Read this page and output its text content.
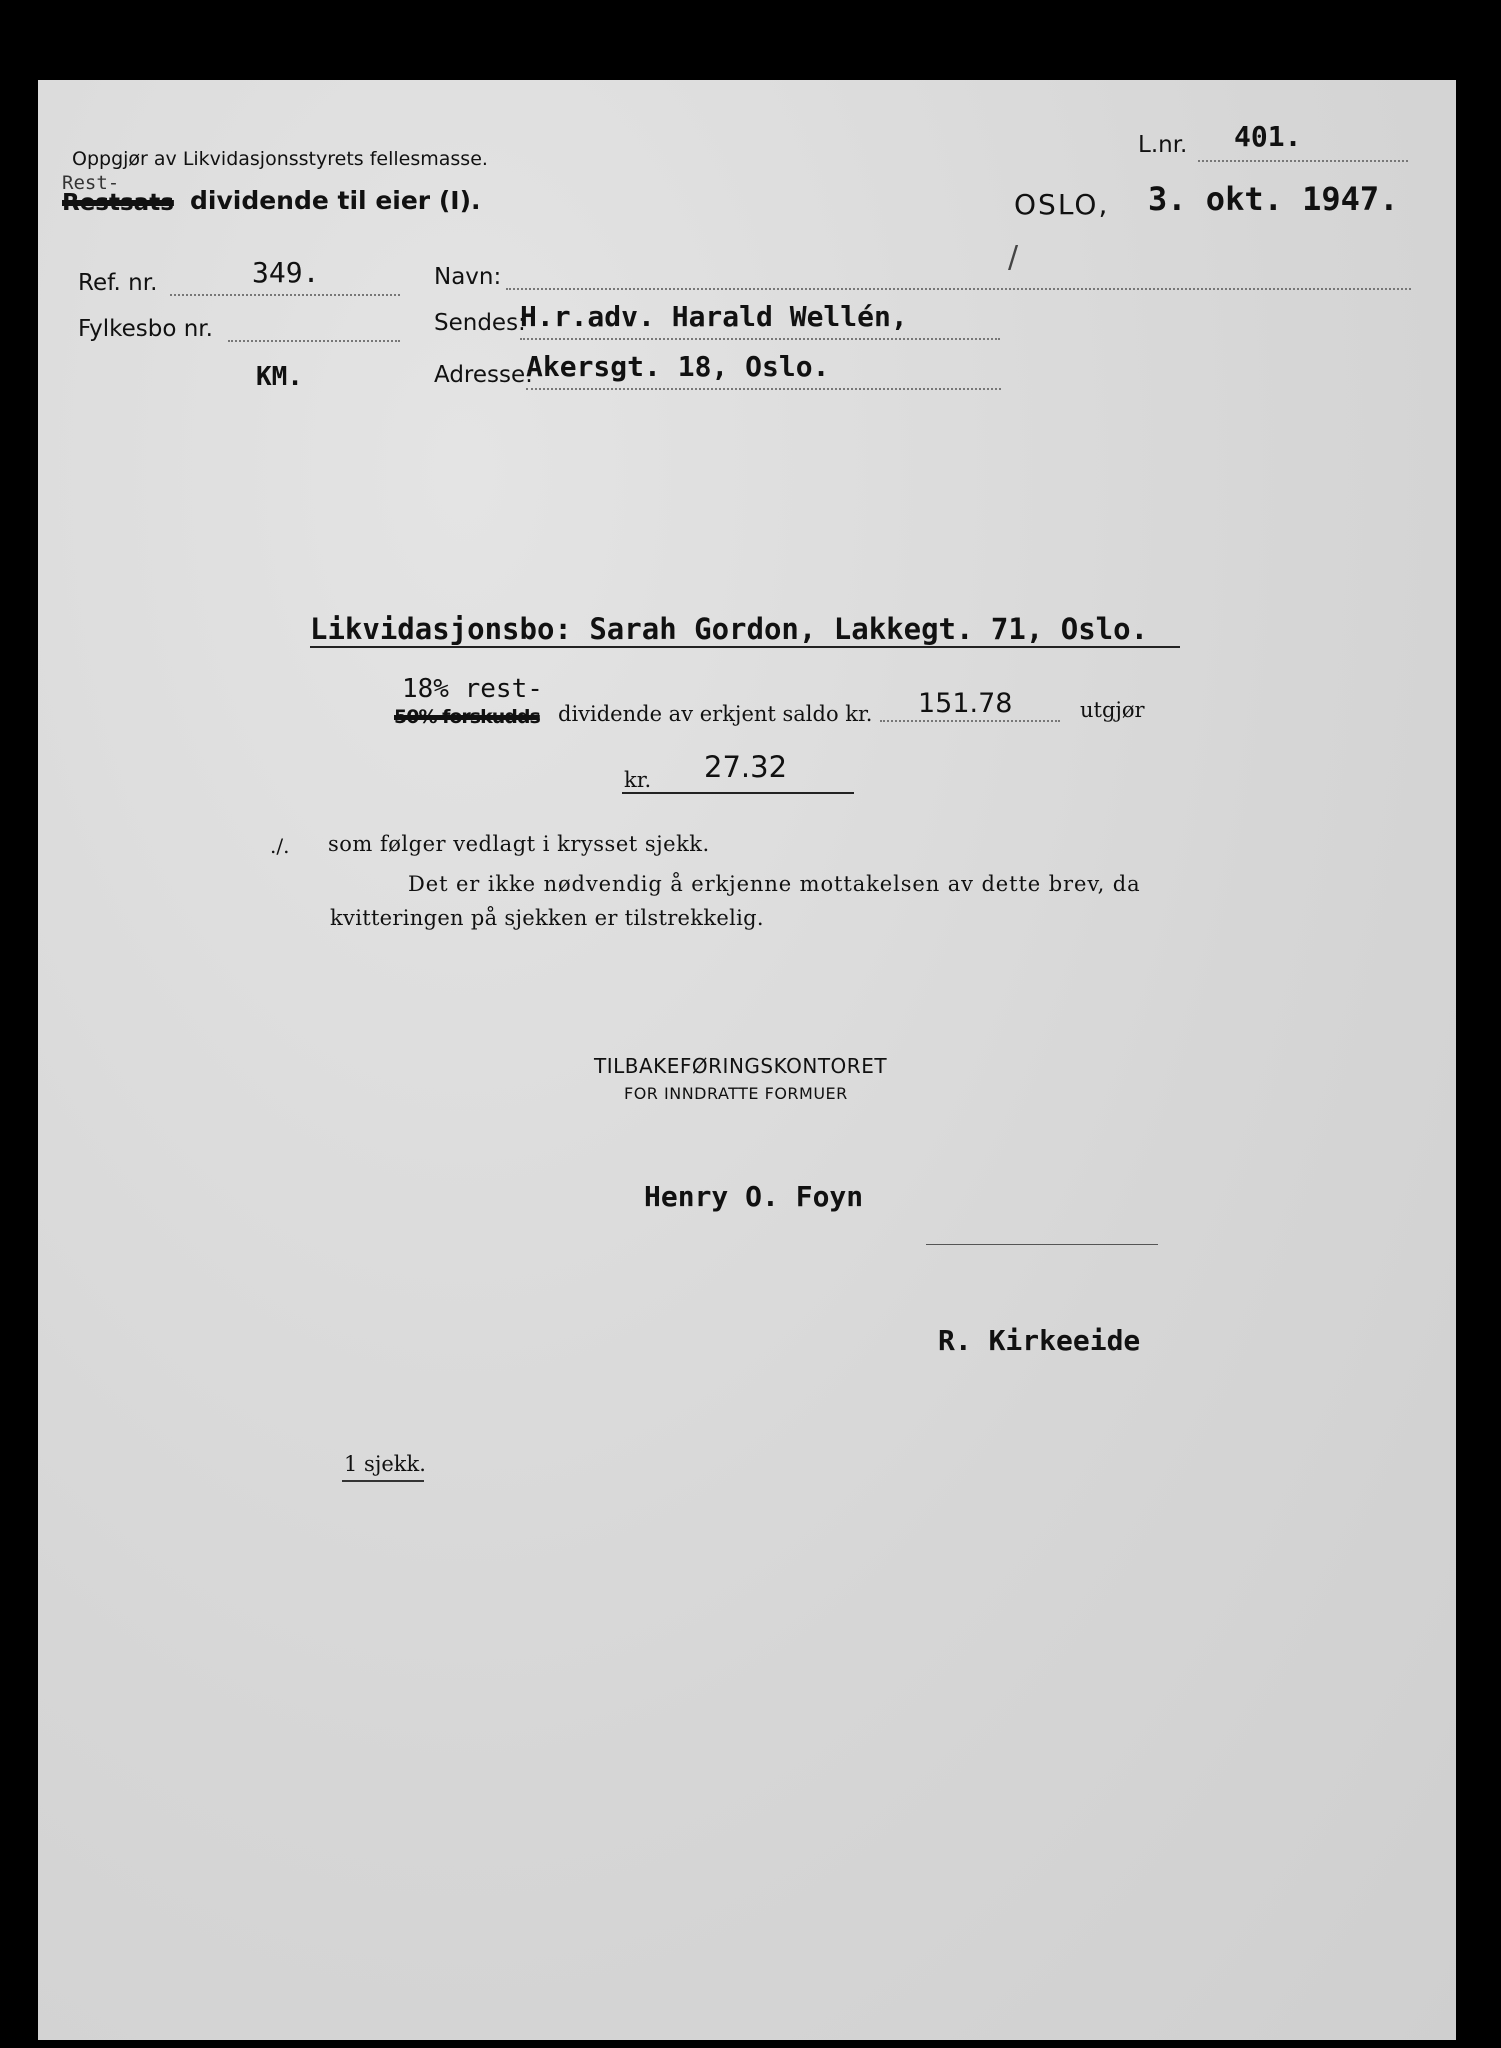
Oppgjør av Likvidasjonsstyrets fellesmasse.
Rest-
Restsats dividende til eier (I).
L.nr. 401.
OSLO, 3. okt. 1947.
Ref. nr.	349.
Fylkesbo nr.
KM.
Navn:
/
Sendes:
H.r.adv. Harald Wellén,
Adresse:
Akersgt. 18, Oslo.
Likvidasjonsbo: Sarah Gordon, Lakkegt. 71, Oslo.
18% rest-
50% forskudds dividende av erkjent saldo kr. 151.78	utgjør
kr. 27.32
./. som følger vedlagt i krysset sjekk.
Det er ikke nødvendig å erkjenne mottakelsen av dette brev, da
kvitteringen på sjekken er tilstrekkelig.
TILBAKEFØRINGSKONTORET
FOR INNDRATTE FORMUER
Henry O. Foyn
R. Kirkeeide
1 sjekk.
